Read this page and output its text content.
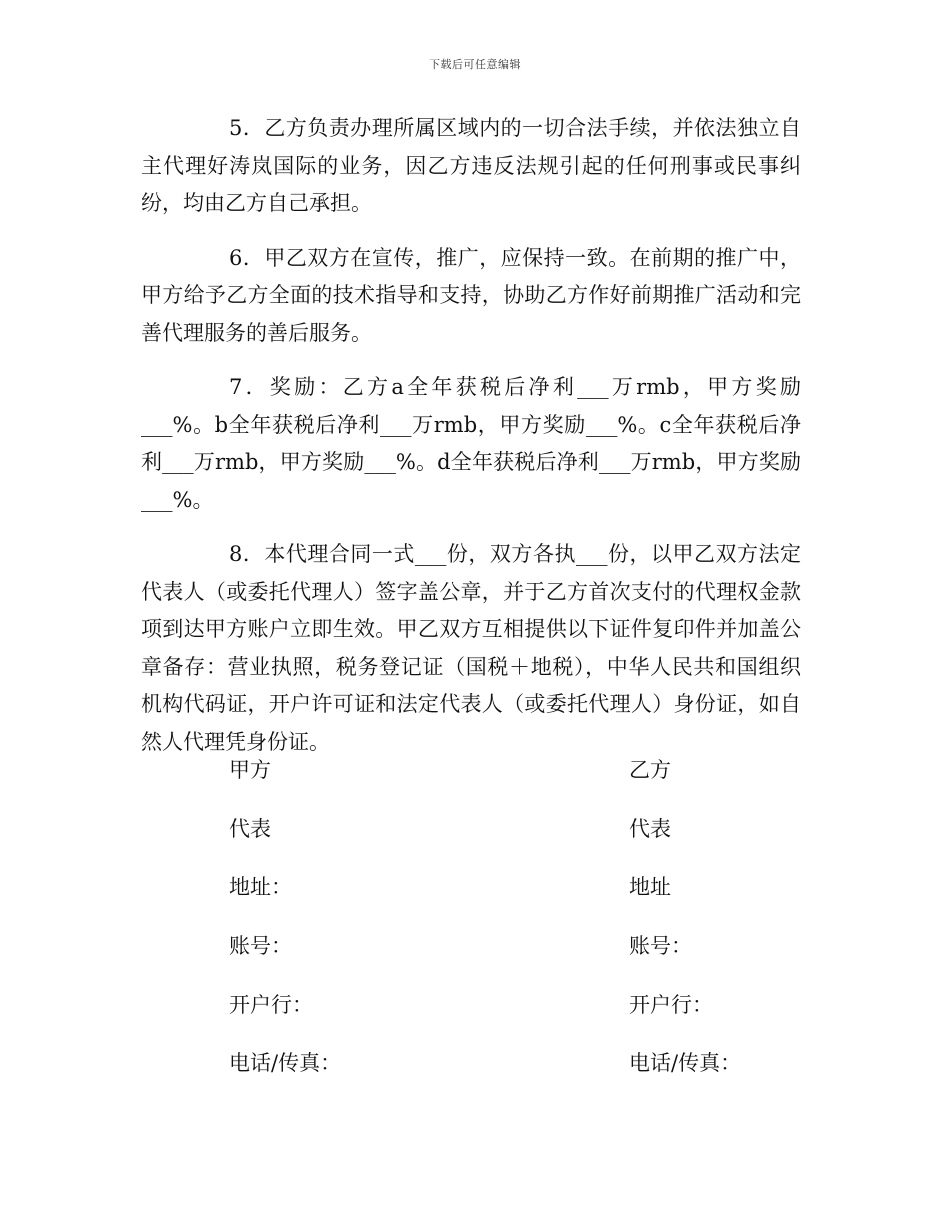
下载后可任意编辑

5．乙方负责办理所属区域内的一切合法手续，并依法独立自主代理好涛岚国际的业务，因乙方违反法规引起的任何刑事或民事纠纷，均由乙方自己承担。

6．甲乙双方在宣传，推广，应保持一致。在前期的推广中，甲方给予乙方全面的技术指导和支持，协助乙方作好前期推广活动和完善代理服务的善后服务。

7．奖励：乙方a全年获税后净利___万rmb，甲方奖励___%。b全年获税后净利___万rmb，甲方奖励___%。c全年获税后净利___万rmb，甲方奖励___%。d全年获税后净利___万rmb，甲方奖励___%。

8．本代理合同一式___份，双方各执___份，以甲乙双方法定代表人（或委托代理人）签字盖公章，并于乙方首次支付的代理权金款项到达甲方账户立即生效。甲乙双方互相提供以下证件复印件并加盖公章备存：营业执照，税务登记证（国税＋地税），中华人民共和国组织机构代码证，开户许可证和法定代表人（或委托代理人）身份证，如自然人代理凭身份证。

甲方
代表
地址：
账号：
开户行：
电话/传真：
乙方
代表
地址
账号：
开户行：
电话/传真：
